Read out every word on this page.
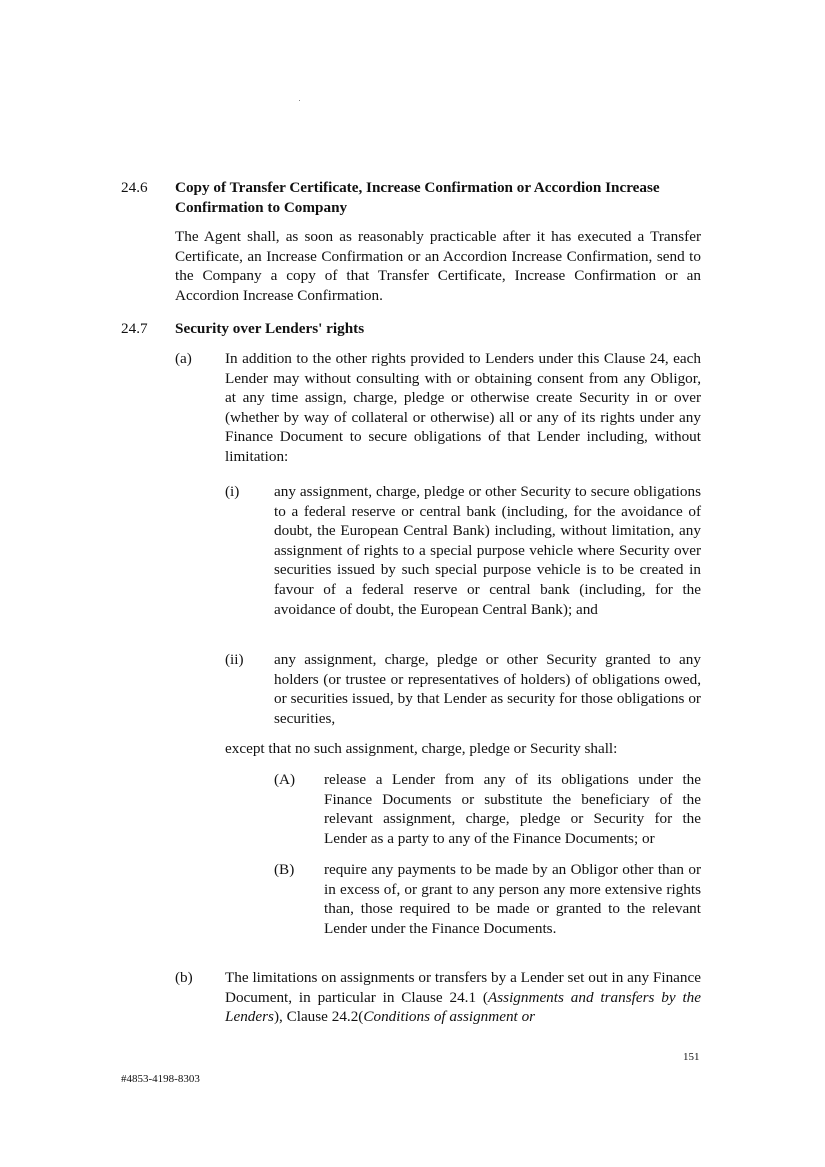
24.6 Copy of Transfer Certificate, Increase Confirmation or Accordion Increase Confirmation to Company

The Agent shall, as soon as reasonably practicable after it has executed a Transfer Certificate, an Increase Confirmation or an Accordion Increase Confirmation, send to the Company a copy of that Transfer Certificate, Increase Confirmation or an Accordion Increase Confirmation.

24.7 Security over Lenders' rights

(a) In addition to the other rights provided to Lenders under this Clause 24, each Lender may without consulting with or obtaining consent from any Obligor, at any time assign, charge, pledge or otherwise create Security in or over (whether by way of collateral or otherwise) all or any of its rights under any Finance Document to secure obligations of that Lender including, without limitation:

(i) any assignment, charge, pledge or other Security to secure obligations to a federal reserve or central bank (including, for the avoidance of doubt, the European Central Bank) including, without limitation, any assignment of rights to a special purpose vehicle where Security over securities issued by such special purpose vehicle is to be created in favour of a federal reserve or central bank (including, for the avoidance of doubt, the European Central Bank); and

(ii) any assignment, charge, pledge or other Security granted to any holders (or trustee or representatives of holders) of obligations owed, or securities issued, by that Lender as security for those obligations or securities,

except that no such assignment, charge, pledge or Security shall:

(A) release a Lender from any of its obligations under the Finance Documents or substitute the beneficiary of the relevant assignment, charge, pledge or Security for the Lender as a party to any of the Finance Documents; or

(B) require any payments to be made by an Obligor other than or in excess of, or grant to any person any more extensive rights than, those required to be made or granted to the relevant Lender under the Finance Documents.

(b) The limitations on assignments or transfers by a Lender set out in any Finance Document, in particular in Clause 24.1 (Assignments and transfers by the Lenders), Clause 24.2(Conditions of assignment or

151
#4853-4198-8303
